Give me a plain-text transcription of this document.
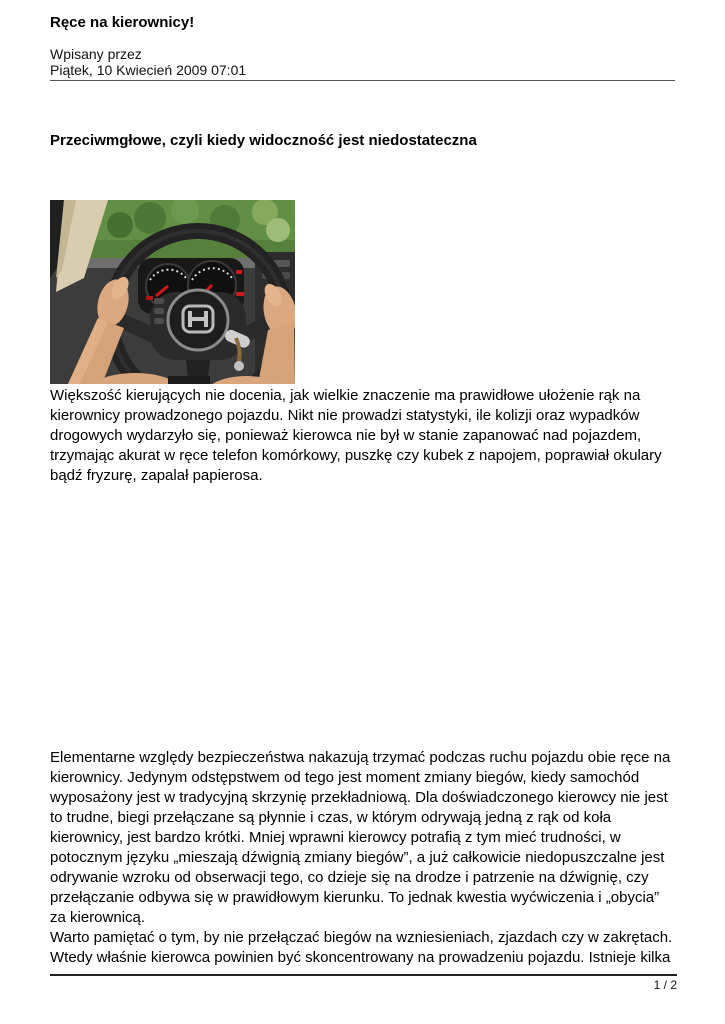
Ręce na kierownicy!
Wpisany przez
Piątek, 10 Kwiecień 2009 07:01
Przeciwmgłowe, czyli kiedy widoczność jest niedostateczna
Większość kierujących nie docenia, jak wielkie znaczenie ma prawidłowe ułożenie rąk na kierownicy prowadzonego pojazdu. Nikt nie prowadzi statystyki, ile kolizji oraz wypadków drogowych wydarzyło się, ponieważ kierowca nie był w stanie zapanować nad pojazdem, trzymając akurat w ręce telefon komórkowy, puszkę czy kubek z napojem, poprawiał okulary bądź fryzurę, zapalał papierosa.
Elementarne względy bezpieczeństwa nakazują trzymać podczas ruchu pojazdu obie ręce na kierownicy. Jedynym odstępstwem od tego jest moment zmiany biegów, kiedy samochód wyposażony jest w tradycyjną skrzynię przekładniową. Dla doświadczonego kierowcy nie jest to trudne, biegi przełączane są płynnie i czas, w którym odrywają jedną z rąk od koła kierownicy, jest bardzo krótki. Mniej wprawni kierowcy potrafią z tym mieć trudności, w potocznym języku „mieszają dźwignią zmiany biegów”, a już całkowicie niedopuszczalne jest odrywanie wzroku od obserwacji tego, co dzieje się na drodze i patrzenie na dźwignię, czy przełączanie odbywa się w prawidłowym kierunku. To jednak kwestia wyćwiczenia i „obycia” za kierownicą.
Warto pamiętać o tym, by nie przełączać biegów na wzniesieniach, zjazdach czy w zakrętach. Wtedy właśnie kierowca powinien być skoncentrowany na prowadzeniu pojazdu. Istnieje kilka
1 / 2
